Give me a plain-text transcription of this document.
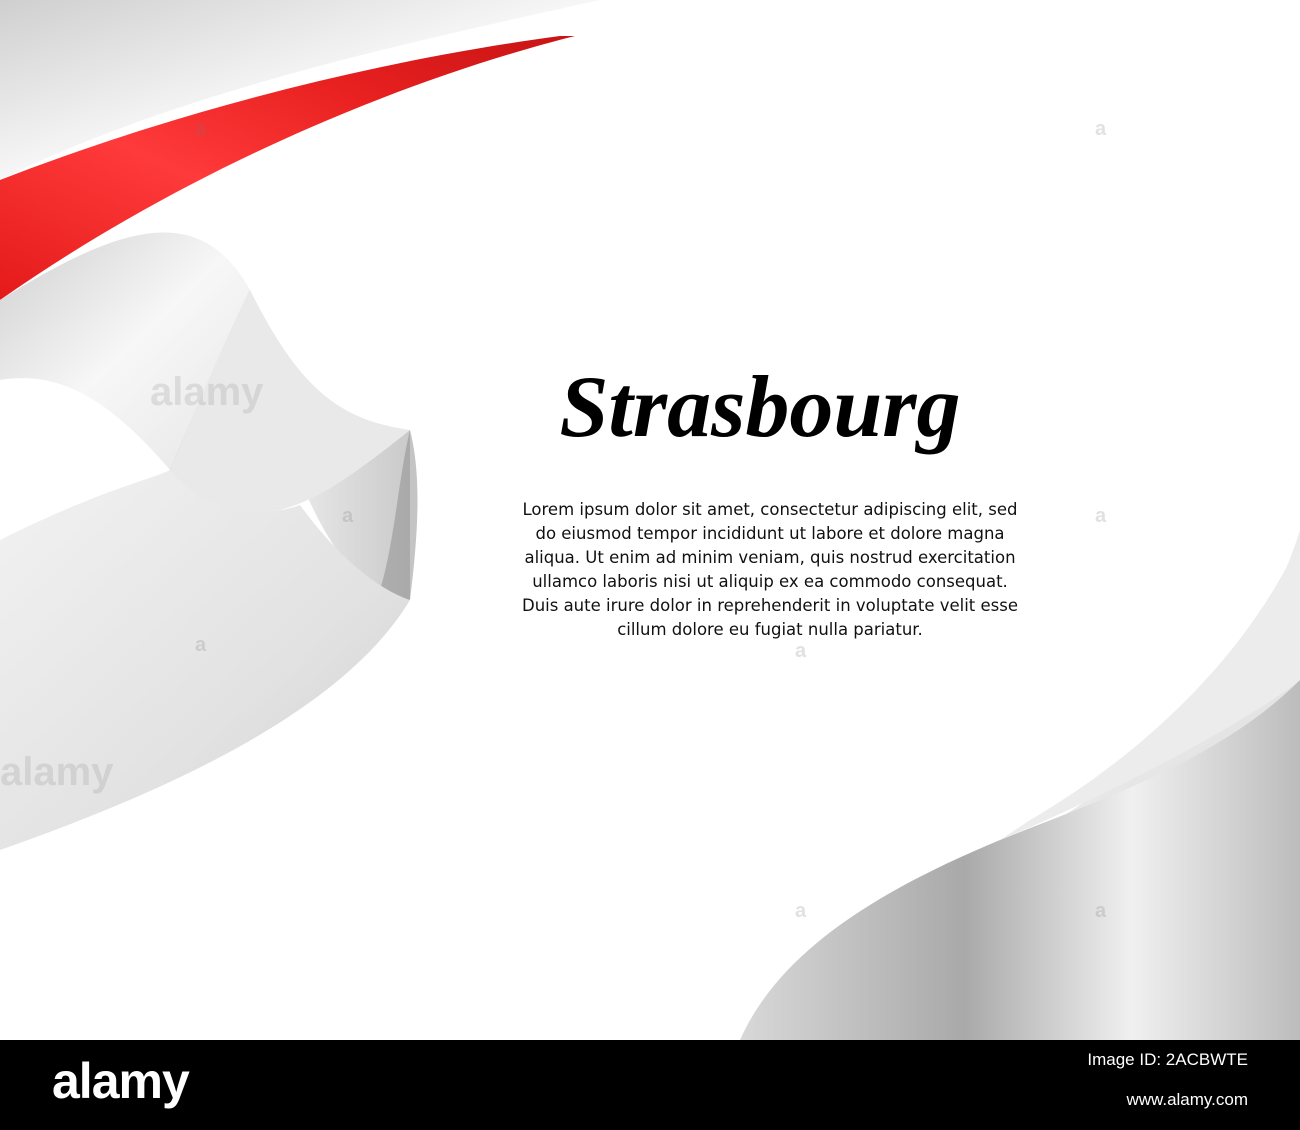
alamy
alamy
a
a
a
a
a
a
a
a
Strasbourg

Lorem ipsum dolor sit amet, consectetur adipiscing elit, sed do eiusmod tempor incididunt ut labore et dolore magna aliqua. Ut enim ad minim veniam, quis nostrud exercitation ullamco laboris nisi ut aliquip ex ea commodo consequat. Duis aute irure dolor in reprehenderit in voluptate velit esse cillum dolore eu fugiat nulla pariatur.

alamy	Image ID: 2ACBWTE
www.alamy.com
